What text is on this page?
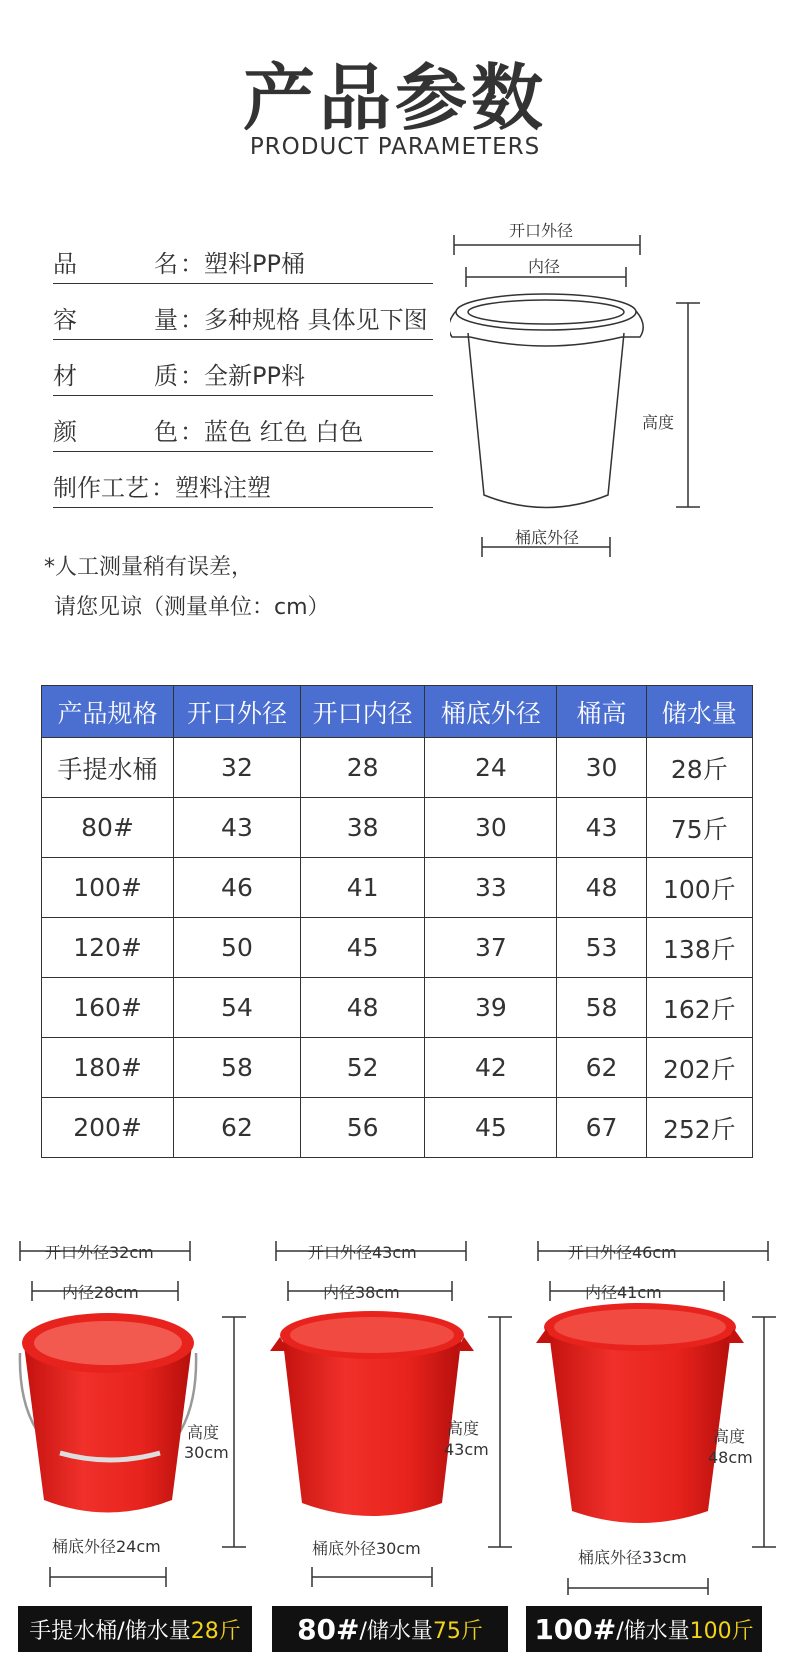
产品参数
PRODUCT PARAMETERS
品	名 ：塑料PP桶
容	量 ：多种规格 具体见下图
材	质 ：全新PP料
颜	色 ：蓝色 红色 白色
制作工艺 ：塑料注塑
*人工测量稍有误差，
请您见谅（测量单位：cm）
开口外径
内径
高度
桶底外径
产品规格	开口外径	开口内径	桶底外径	桶高	储水量
手提水桶	32	28	24	30	28斤
80#	43	38	30	43	75斤
100#	46	41	33	48	100斤
120#	50	45	37	53	138斤
160#	54	48	39	58	162斤
180#	58	52	42	62	202斤
200#	62	56	45	67	252斤
开口外径32cm
内径28cm
高度
30cm
桶底外径24cm
开口外径43cm
内径38cm
高度
43cm
桶底外径30cm
开口外径46cm
内径41cm
高度
48cm
桶底外径33cm
手提水桶 /储水量 28斤 80# /储水量 75斤 100# /储水量 100斤
